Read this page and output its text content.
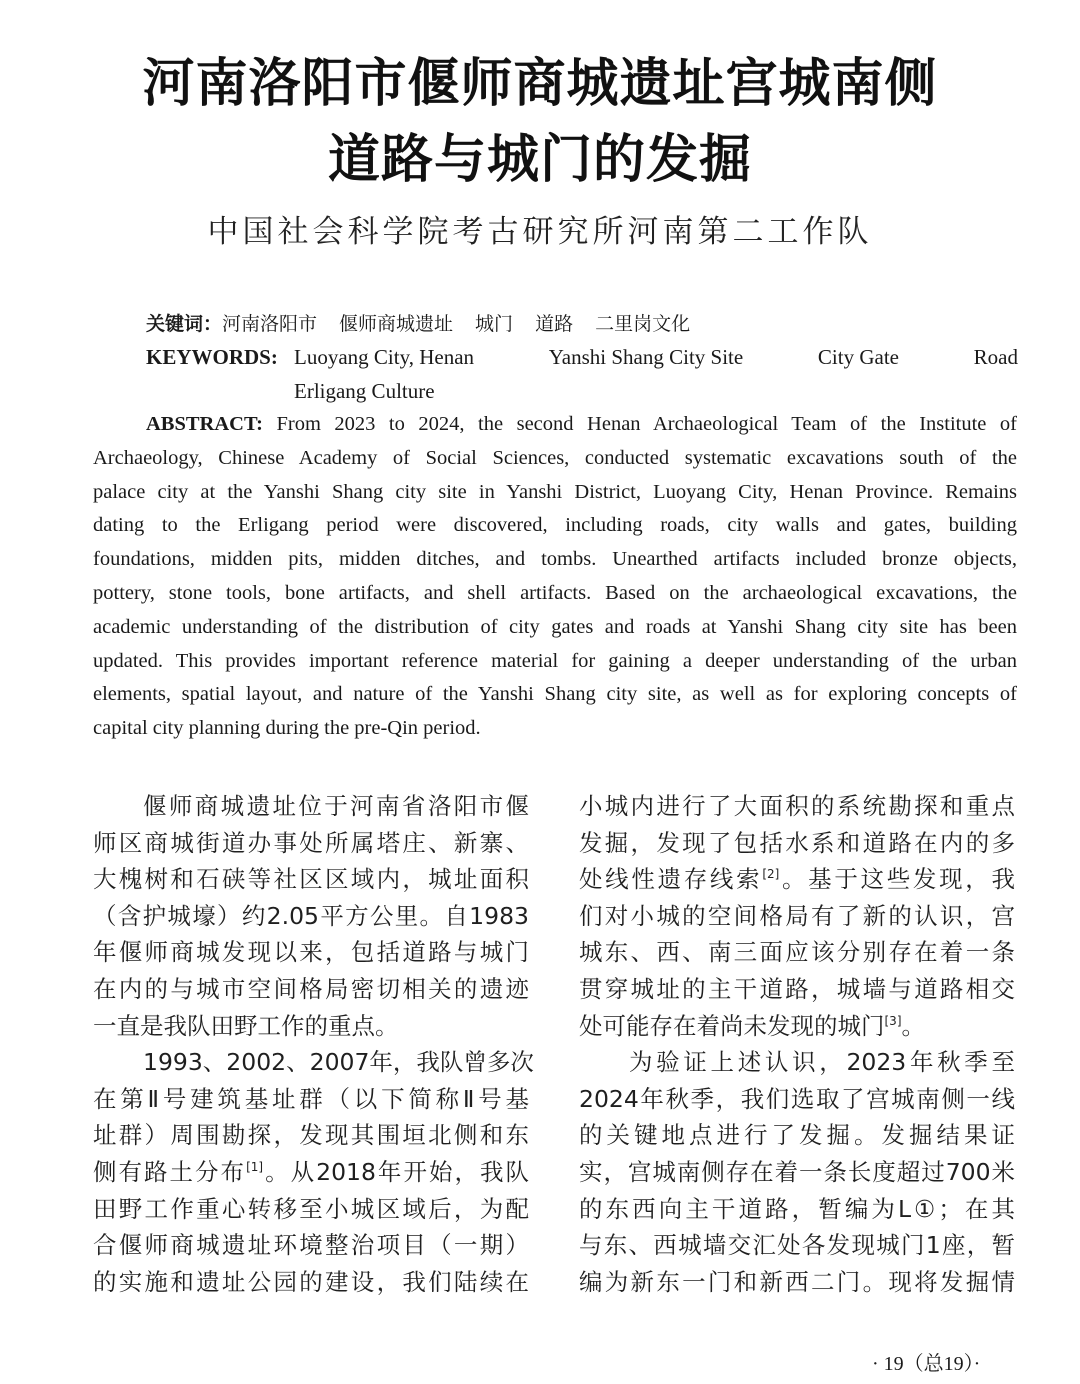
河南洛阳市偃师商城遗址宫城南侧
道路与城门的发掘
中国社会科学院考古研究所河南第二工作队
关键词：河南洛阳市 偃师商城遗址 城门 道路 二里岗文化
KEYWORDS: Luoyang City, Henan	Yanshi Shang City Site	City Gate	Road
Erligang Culture
ABSTRACT: From 2023 to 2024, the second Henan Archaeological Team of the Institute of
Archaeology, Chinese Academy of Social Sciences, conducted systematic excavations south of the
palace city at the Yanshi Shang city site in Yanshi District, Luoyang City, Henan Province. Remains
dating to the Erligang period were discovered, including roads, city walls and gates, building
foundations, midden pits, midden ditches, and tombs. Unearthed artifacts included bronze objects,
pottery, stone tools, bone artifacts, and shell artifacts. Based on the archaeological excavations, the
academic understanding of the distribution of city gates and roads at Yanshi Shang city site has been
updated. This provides important reference material for gaining a deeper understanding of the urban
elements, spatial layout, and nature of the Yanshi Shang city site, as well as for exploring concepts of
capital city planning during the pre-Qin period.
偃师商城遗址位于河南省洛阳市偃
师区商城街道办事处所属塔庄、新寨、
大槐树和石硖等社区区域内，城址面积
（含护城壕）约2.05平方公里。自1983
年偃师商城发现以来，包括道路与城门
在内的与城市空间格局密切相关的遗迹
一直是我队田野工作的重点。
1993、2002、2007年，我队曾多次
在第Ⅱ号建筑基址群（以下简称Ⅱ号基
址群）周围勘探，发现其围垣北侧和东
侧有路土分布[1]。从2018年开始，我队
田野工作重心转移至小城区域后，为配
合偃师商城遗址环境整治项目（一期）
的实施和遗址公园的建设，我们陆续在
小城内进行了大面积的系统勘探和重点
发掘，发现了包括水系和道路在内的多
处线性遗存线索[2]。基于这些发现，我
们对小城的空间格局有了新的认识，宫
城东、西、南三面应该分别存在着一条
贯穿城址的主干道路，城墙与道路相交
处可能存在着尚未发现的城门[3]。
为验证上述认识，2023年秋季至
2024年秋季，我们选取了宫城南侧一线
的关键地点进行了发掘。发掘结果证
实，宫城南侧存在着一条长度超过700米
的东西向主干道路，暂编为L①；在其
与东、西城墙交汇处各发现城门1座，暂
编为新东一门和新西二门。现将发掘情
· 19（总19）·
